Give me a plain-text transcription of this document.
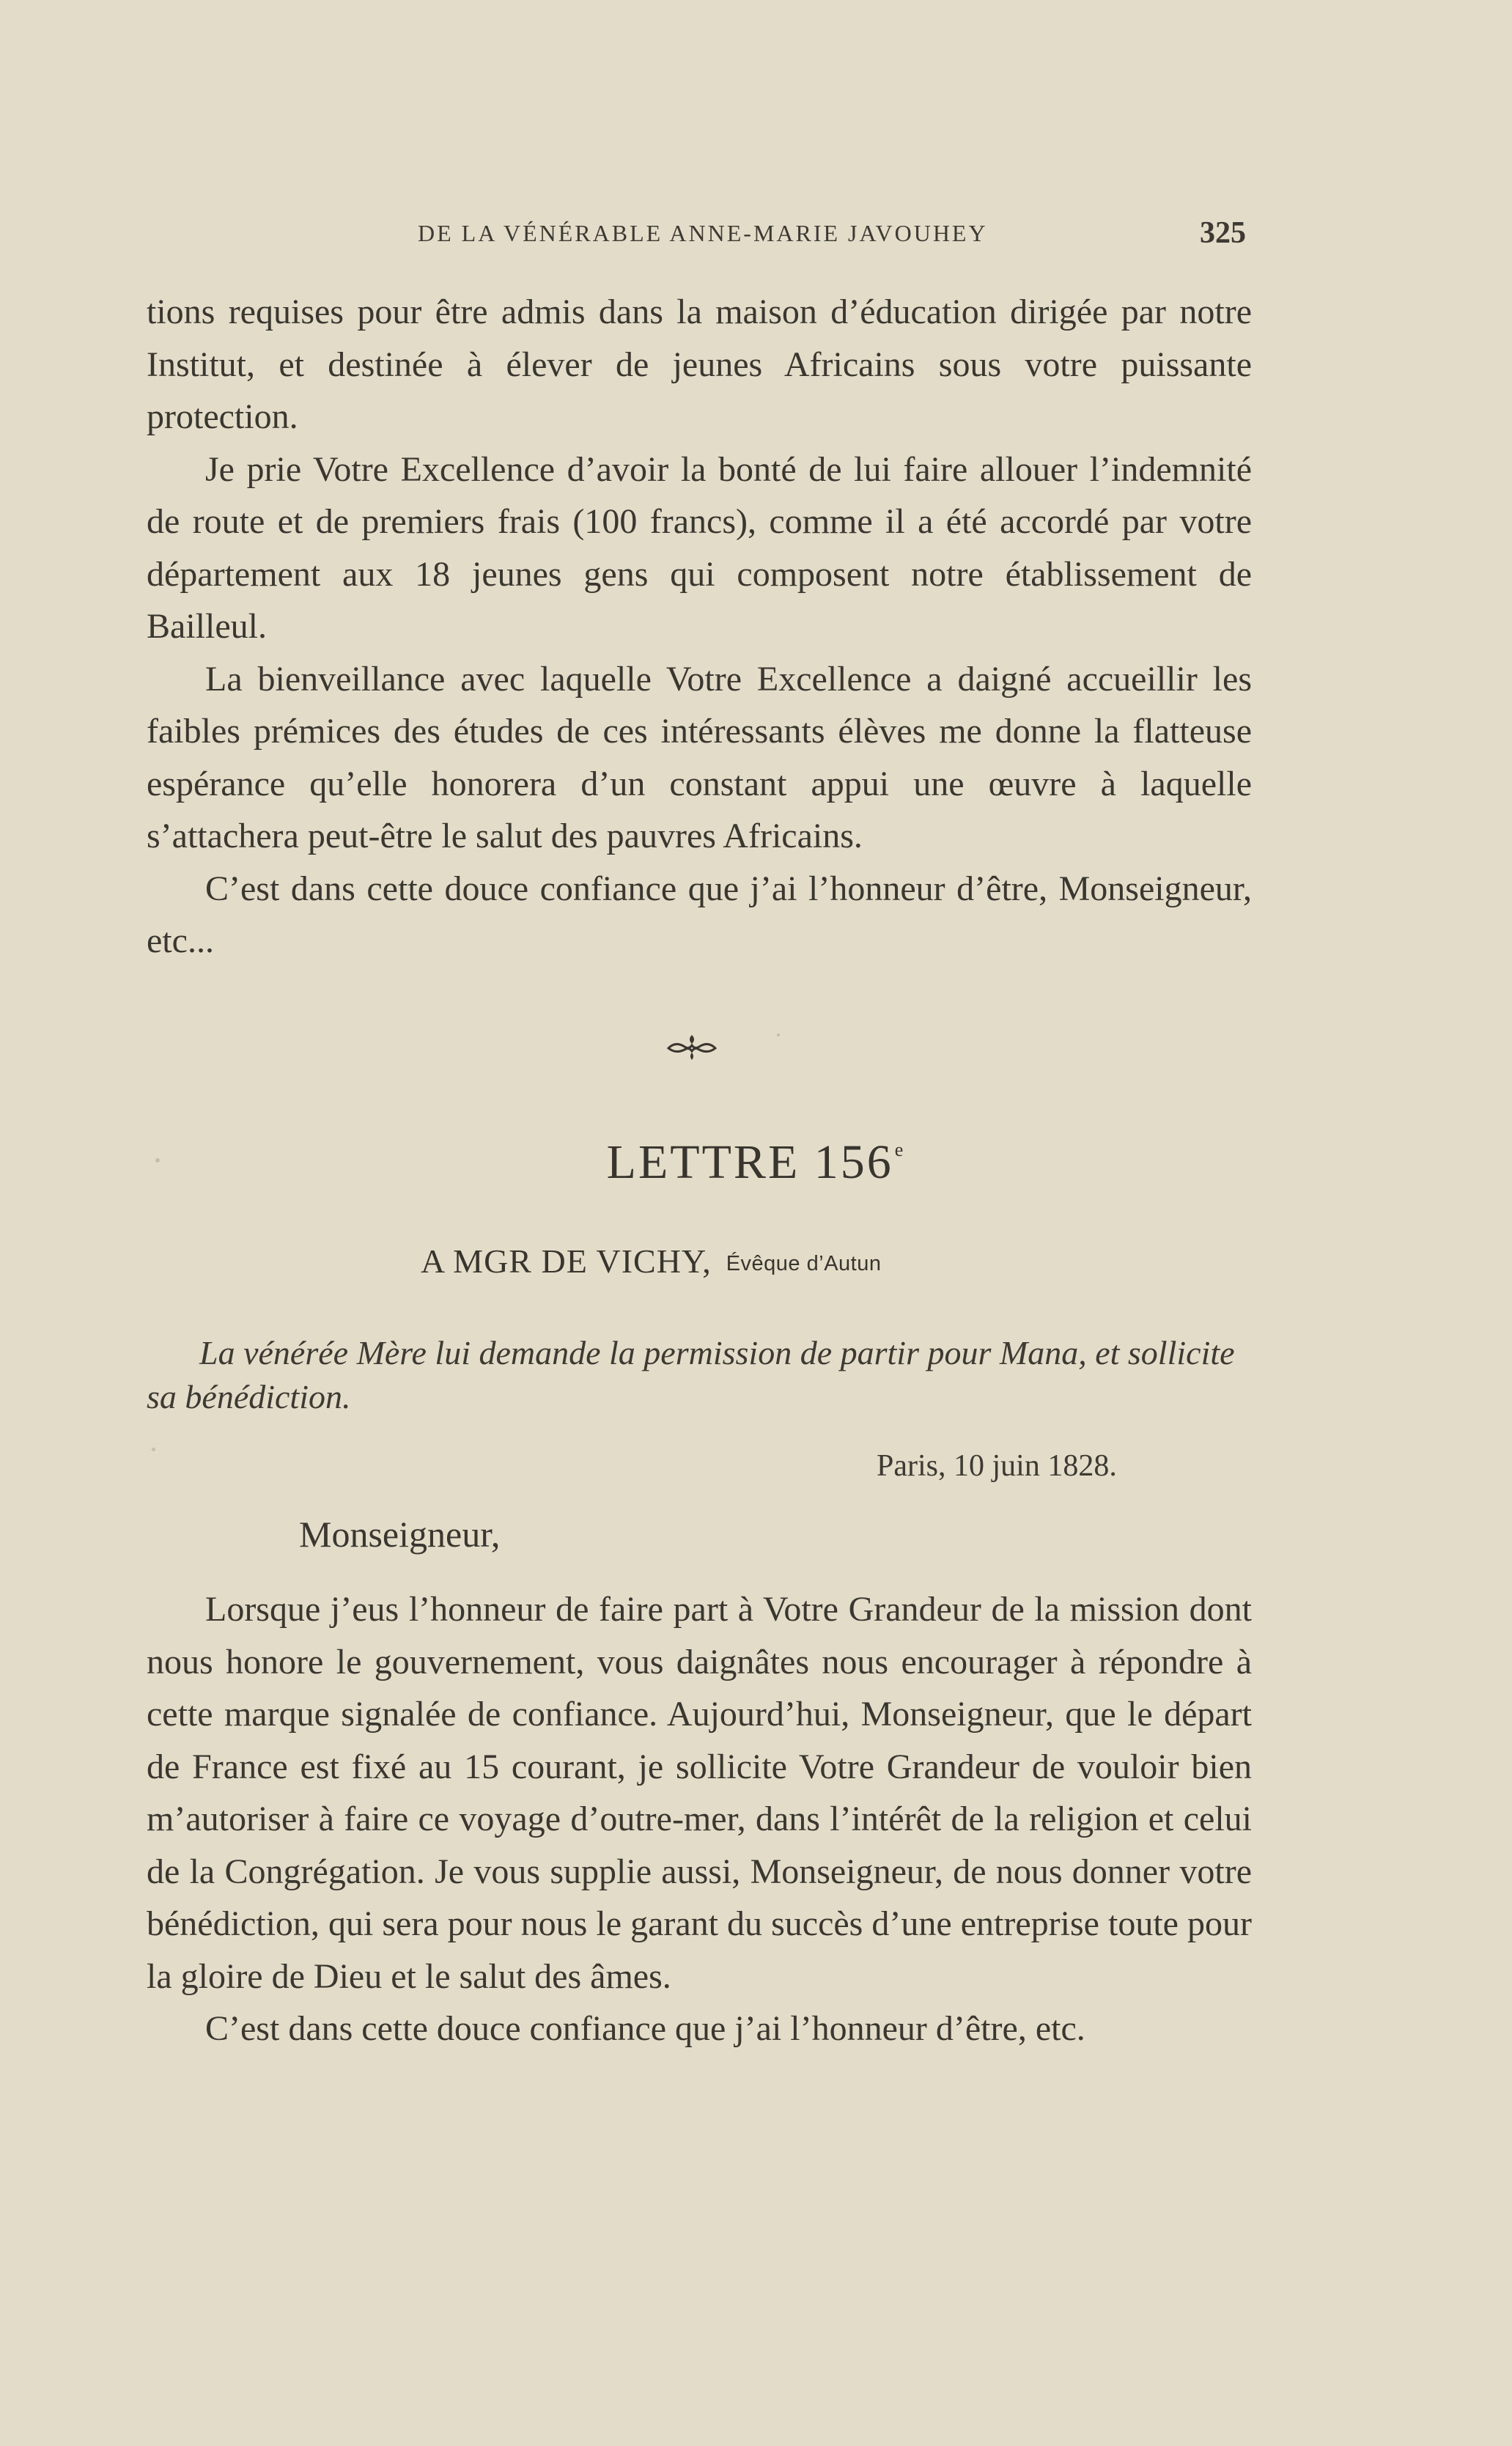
DE LA VÉNÉRABLE ANNE-MARIE JAVOUHEY	325

tions requises pour être admis dans la maison d’éducation dirigée par notre Institut, et destinée à élever de jeunes Africains sous votre puissante protection.

Je prie Votre Excellence d’avoir la bonté de lui faire allouer l’indemnité de route et de premiers frais (100 francs), comme il a été accordé par votre département aux 18 jeunes gens qui composent notre établissement de Bailleul.

La bienveillance avec laquelle Votre Excellence a daigné accueillir les faibles prémices des études de ces intéressants élèves me donne la flatteuse espérance qu’elle honorera d’un constant appui une œuvre à laquelle s’attachera peut-être le salut des pauvres Africains.

C’est dans cette douce confiance que j’ai l’honneur d’être, Monseigneur, etc...

LETTRE 156e
A MGR DE VICHY, Évêque d’Autun
La vénérée Mère lui demande la permission de partir pour Mana, et sollicite sa bénédiction.
Paris, 10 juin 1828.
Monseigneur,

Lorsque j’eus l’honneur de faire part à Votre Grandeur de la mission dont nous honore le gouvernement, vous daignâtes nous encourager à répondre à cette marque signalée de confiance. Aujourd’hui, Monseigneur, que le départ de France est fixé au 15 courant, je sollicite Votre Grandeur de vouloir bien m’autoriser à faire ce voyage d’outre-mer, dans l’intérêt de la religion et celui de la Congrégation. Je vous supplie aussi, Monseigneur, de nous donner votre bénédiction, qui sera pour nous le garant du succès d’une entreprise toute pour la gloire de Dieu et le salut des âmes.

C’est dans cette douce confiance que j’ai l’honneur d’être, etc.
